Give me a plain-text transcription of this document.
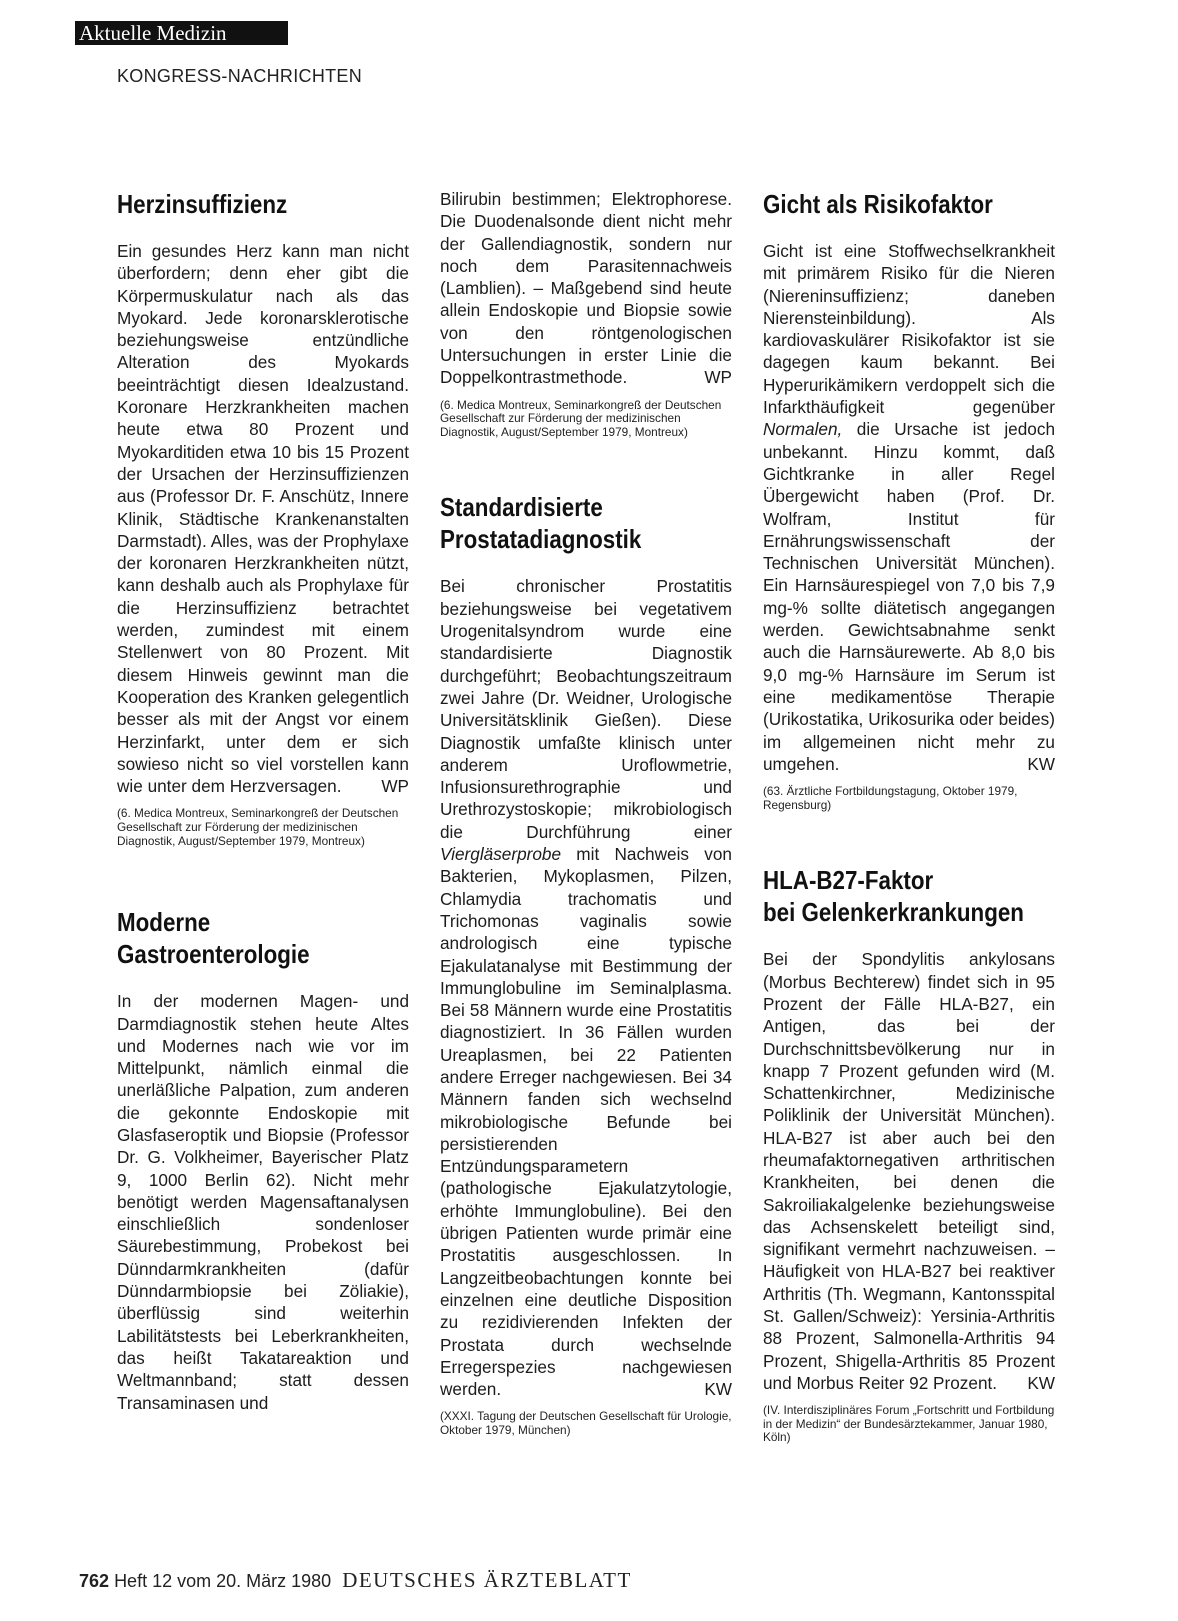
Aktuelle Medizin
KONGRESS-NACHRICHTEN
Herzinsuffizienz

Ein gesundes Herz kann man nicht überfordern; denn eher gibt die Körpermuskulatur nach als das Myokard. Jede koronarsklerotische beziehungsweise entzündliche Alteration des Myokards beeinträchtigt diesen Idealzustand. Koronare Herzkrankheiten machen heute etwa 80 Prozent und Myokarditiden etwa 10 bis 15 Prozent der Ursachen der Herzinsuffizienzen aus (Professor Dr. F. Anschütz, Innere Klinik, Städtische Krankenanstalten Darmstadt). Alles, was der Prophylaxe der koronaren Herzkrankheiten nützt, kann deshalb auch als Prophylaxe für die Herzinsuffizienz betrachtet werden, zumindest mit einem Stellenwert von 80 Prozent. Mit diesem Hinweis gewinnt man die Kooperation des Kranken gelegentlich besser als mit der Angst vor einem Herzinfarkt, unter dem er sich sowieso nicht so viel vorstellen kann wie unter dem Herzversagen. WP

(6. Medica Montreux, Seminarkongreß der Deutschen Gesellschaft zur Förderung der medizinischen Diagnostik, August/September 1979, Montreux)

Moderne
Gastroenterologie

In der modernen Magen- und Darmdiagnostik stehen heute Altes und Modernes nach wie vor im Mittelpunkt, nämlich einmal die unerläßliche Palpation, zum anderen die gekonnte Endoskopie mit Glasfaseroptik und Biopsie (Professor Dr. G. Volkheimer, Bayerischer Platz 9, 1000 Berlin 62). Nicht mehr benötigt werden Magensaftanalysen einschließlich sondenloser Säurebestimmung, Probekost bei Dünndarmkrankheiten (dafür Dünndarmbiopsie bei Zöliakie), überflüssig sind weiterhin Labilitätstests bei Leberkrankheiten, das heißt Takatareaktion und Weltmannband; statt dessen Transaminasen und

Bilirubin bestimmen; Elektrophorese. Die Duodenalsonde dient nicht mehr der Gallendiagnostik, sondern nur noch dem Parasitennachweis (Lamblien). – Maßgebend sind heute allein Endoskopie und Biopsie sowie von den röntgenologischen Untersuchungen in erster Linie die Doppelkontrastmethode.	WP

(6. Medica Montreux, Seminarkongreß der Deutschen Gesellschaft zur Förderung der medizinischen Diagnostik, August/September 1979, Montreux)

Standardisierte
Prostatadiagnostik

Bei chronischer Prostatitis beziehungsweise bei vegetativem Urogenitalsyndrom wurde eine standardisierte Diagnostik durchgeführt; Beobachtungszeitraum zwei Jahre (Dr. Weidner, Urologische Universitätsklinik Gießen). Diese Diagnostik umfaßte klinisch unter anderem Uroflowmetrie, Infusionsurethrographie und Urethrozystoskopie; mikrobiologisch die Durchführung einer Viergläserprobe mit Nachweis von Bakterien, Mykoplasmen, Pilzen, Chlamydia trachomatis und Trichomonas vaginalis sowie andrologisch eine typische Ejakulatanalyse mit Bestimmung der Immunglobuline im Seminalplasma. Bei 58 Männern wurde eine Prostatitis diagnostiziert. In 36 Fällen wurden Ureaplasmen, bei 22 Patienten andere Erreger nachgewiesen. Bei 34 Männern fanden sich wechselnd mikrobiologische Befunde bei persistierenden Entzündungsparametern (pathologische Ejakulatzytologie, erhöhte Immunglobuline). Bei den übrigen Patienten wurde primär eine Prostatitis ausgeschlossen. In Langzeitbeobachtungen konnte bei einzelnen eine deutliche Disposition zu rezidivierenden Infekten der Prostata durch wechselnde Erregerspezies nachgewiesen werden.	KW

(XXXI. Tagung der Deutschen Gesellschaft für Urologie, Oktober 1979, München)

Gicht als Risikofaktor

Gicht ist eine Stoffwechselkrankheit mit primärem Risiko für die Nieren (Niereninsuffizienz; daneben Nierensteinbildung). Als kardiovaskulärer Risikofaktor ist sie dagegen kaum bekannt. Bei Hyperurikämikern verdoppelt sich die Infarkthäufigkeit gegenüber Normalen, die Ursache ist jedoch unbekannt. Hinzu kommt, daß Gichtkranke in aller Regel Übergewicht haben (Prof. Dr. Wolfram, Institut für Ernährungswissenschaft der Technischen Universität München). Ein Harnsäurespiegel von 7,0 bis 7,9 mg-% sollte diätetisch angegangen werden. Gewichtsabnahme senkt auch die Harnsäurewerte. Ab 8,0 bis 9,0 mg-% Harnsäure im Serum ist eine medikamentöse Therapie (Urikostatika, Urikosurika oder beides) im allgemeinen nicht mehr zu umgehen.	KW

(63. Ärztliche Fortbildungstagung, Oktober 1979, Regensburg)

HLA-B27-Faktor
bei Gelenkerkrankungen

Bei der Spondylitis ankylosans (Morbus Bechterew) findet sich in 95 Prozent der Fälle HLA-B27, ein Antigen, das bei der Durchschnittsbevölkerung nur in knapp 7 Prozent gefunden wird (M. Schattenkirchner, Medizinische Poliklinik der Universität München). HLA-B27 ist aber auch bei den rheumafaktornegativen arthritischen Krankheiten, bei denen die Sakroiliakalgelenke beziehungsweise das Achsenskelett beteiligt sind, signifikant vermehrt nachzuweisen. – Häufigkeit von HLA-B27 bei reaktiver Arthritis (Th. Wegmann, Kantonsspital St. Gallen/Schweiz): Yersinia-Arthritis 88 Prozent, Salmonella-Arthritis 94 Prozent, Shigella-Arthritis 85 Prozent und Morbus Reiter 92 Prozent. KW

(IV. Interdisziplinäres Forum „Fortschritt und Fortbildung in der Medizin“ der Bundesärztekammer, Januar 1980, Köln)

762 Heft 12 vom 20. März 1980 DEUTSCHES ÄRZTEBLATT
